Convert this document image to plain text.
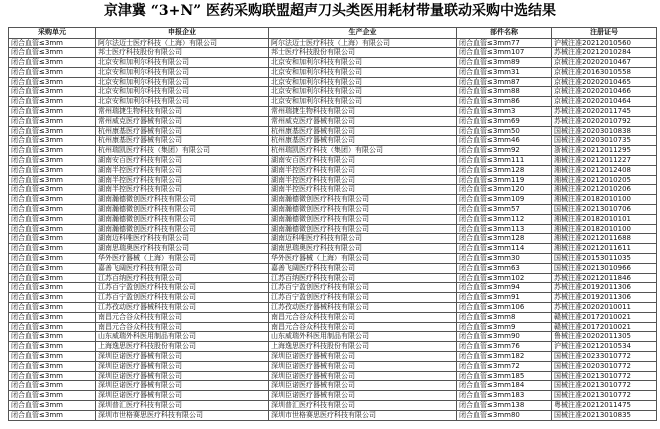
京津冀 “3+N” 医药采购联盟超声刀头类医用耗材带量联动采购中选结果
采购单元	申报企业	生产企业	部件名称	注册证号
闭合血管≤3mm	阿尔法迈士医疗科技（上海）有限公司	阿尔法迈士医疗科技（上海）有限公司	闭合血管≤3mm77	沪械注准20212010560
闭合血管≤3mm	邦士医疗科技股份有限公司	邦士医疗科技股份有限公司	闭合血管≤3mm107	苏械注准20212010284
闭合血管≤3mm	北京安和加利尔科技有限公司	北京安和加利尔科技有限公司	闭合血管≤3mm89	京械注准20202010467
闭合血管≤3mm	北京安和加利尔科技有限公司	北京安和加利尔科技有限公司	闭合血管≤3mm31	京械注准20163010558
闭合血管≤3mm	北京安和加利尔科技有限公司	北京安和加利尔科技有限公司	闭合血管≤3mm87	京械注准20202010465
闭合血管≤3mm	北京安和加利尔科技有限公司	北京安和加利尔科技有限公司	闭合血管≤3mm88	京械注准20202010466
闭合血管≤3mm	北京安和加利尔科技有限公司	北京安和加利尔科技有限公司	闭合血管≤3mm86	京械注准20202010464
闭合血管≤3mm	常州瑞捷生物科技有限公司	常州瑞捷生物科技有限公司	闭合血管≤3mm3	苏械注准20202011745
闭合血管≤3mm	常州威克医疗器械有限公司	常州威克医疗器械有限公司	闭合血管≤3mm69	苏械注准20202010792
闭合血管≤3mm	杭州康基医疗器械有限公司	杭州康基医疗器械有限公司	闭合血管≤3mm50	国械注准20203010838
闭合血管≤3mm	杭州康基医疗器械有限公司	杭州康基医疗器械有限公司	闭合血管≤3mm46	国械注准20203010735
闭合血管≤3mm	杭州瑞凯医疗科技（集团）有限公司	杭州瑞凯医疗科技（集团）有限公司	闭合血管≤3mm92	浙械注准20212011295
闭合血管≤3mm	湖南安百医疗科技有限公司	湖南安百医疗科技有限公司	闭合血管≤3mm111	湘械注准20212011227
闭合血管≤3mm	湖南半控医疗科技有限公司	湖南半控医疗科技有限公司	闭合血管≤3mm128	湘械注准20212012408
闭合血管≤3mm	湖南半控医疗科技有限公司	湖南半控医疗科技有限公司	闭合血管≤3mm119	湘械注准20212010205
闭合血管≤3mm	湖南半控医疗科技有限公司	湖南半控医疗科技有限公司	闭合血管≤3mm120	湘械注准20212010206
闭合血管≤3mm	湖南瀚德微创医疗科技有限公司	湖南瀚德微创医疗科技有限公司	闭合血管≤3mm109	湘械注准20182010100
闭合血管≤3mm	湖南瀚德微创医疗科技有限公司	湖南瀚德微创医疗科技有限公司	闭合血管≤3mm57	国械注准20213010706
闭合血管≤3mm	湖南瀚德微创医疗科技有限公司	湖南瀚德微创医疗科技有限公司	闭合血管≤3mm112	湘械注准20182010101
闭合血管≤3mm	湖南瀚德微创医疗科技有限公司	湖南瀚德微创医疗科技有限公司	闭合血管≤3mm113	湘械注准20182010100
闭合血管≤3mm	湖南迈科唯医疗科技有限公司	湖南迈科唯医疗科技有限公司	闭合血管≤3mm128	湘械注准20212011688
闭合血管≤3mm	湖南思瑞奥医疗科技有限公司	湖南思瑞奥医疗科技有限公司	闭合血管≤3mm114	湘械注准20212011611
闭合血管≤3mm	华外医疗器械（上海）有限公司	华外医疗器械（上海）有限公司	闭合血管≤3mm30	国械注准20153011035
闭合血管≤3mm	嘉善飞阔医疗科技有限公司	嘉善飞阔医疗科技有限公司	闭合血管≤3mm63	国械注准20213010966
闭合血管≤3mm	江苏百纳医疗科技有限公司	江苏百纳医疗科技有限公司	闭合血管≤3mm102	苏械注准20212011846
闭合血管≤3mm	江苏百宁盈创医疗科技有限公司	江苏百宁盈创医疗科技有限公司	闭合血管≤3mm94	苏械注准20192011306
闭合血管≤3mm	江苏百宁盈创医疗科技有限公司	江苏百宁盈创医疗科技有限公司	闭合血管≤3mm91	苏械注准20192011306
闭合血管≤3mm	江苏孜动医疗器械科技有限公司	江苏孜动医疗器械科技有限公司	闭合血管≤3mm106	苏械注准20202010011
闭合血管≤3mm	南昌元合谷众科技有限公司	南昌元合谷众科技有限公司	闭合血管≤3mm8	赣械注准20172010021
闭合血管≤3mm	南昌元合谷众科技有限公司	南昌元合谷众科技有限公司	闭合血管≤3mm9	赣械注准20172010021
闭合血管≤3mm	山东威瑞外科医用制品有限公司	山东威瑞外科医用制品有限公司	闭合血管≤3mm90	鲁械注准20202011305
闭合血管≤3mm	上海逸思医疗科技股份有限公司	上海逸思医疗科技股份有限公司	闭合血管≤3mm76	沪械注准20212010534
闭合血管≤3mm	深圳臣诺医疗器械有限公司	深圳臣诺医疗器械有限公司	闭合血管≤3mm182	国械注准20233010772
闭合血管≤3mm	深圳臣诺医疗器械有限公司	深圳臣诺医疗器械有限公司	闭合血管≤3mm72	国械注准20203010772
闭合血管≤3mm	深圳臣诺医疗器械有限公司	深圳臣诺医疗器械有限公司	闭合血管≤3mm185	国械注准20213010772
闭合血管≤3mm	深圳臣诺医疗器械有限公司	深圳臣诺医疗器械有限公司	闭合血管≤3mm184	国械注准20213010772
闭合血管≤3mm	深圳臣诺医疗器械有限公司	深圳臣诺医疗器械有限公司	闭合血管≤3mm183	国械注准20213010772
闭合血管≤3mm	深圳普汇医疗科技有限公司	深圳普汇医疗科技有限公司	闭合血管≤3mm138	粤械注准20212011475
闭合血管≤3mm	深圳市世格赛思医疗科技有限公司	深圳市世格赛思医疗科技有限公司	闭合血管≤3mm80	国械注准20213010835
